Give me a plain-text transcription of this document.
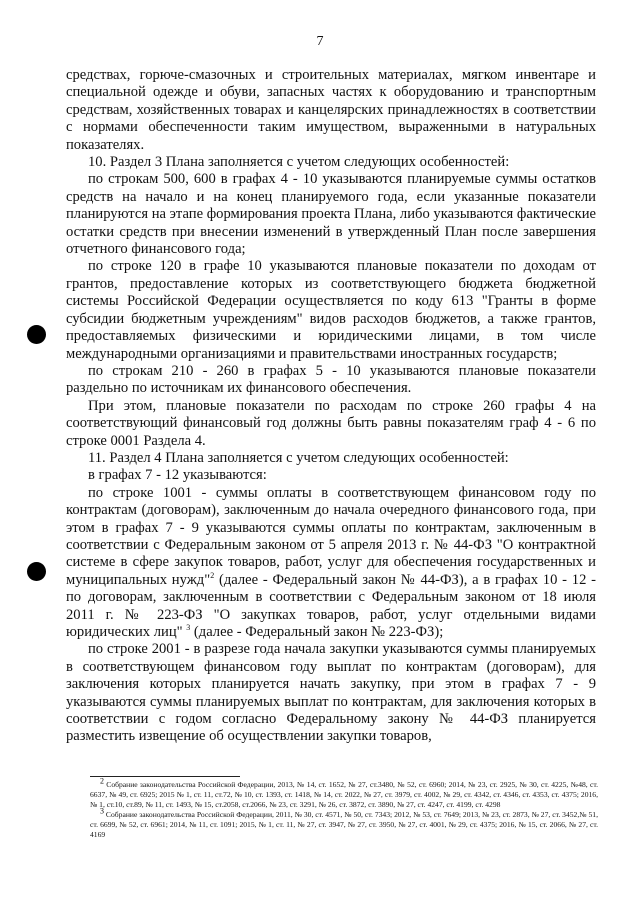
7

средствах, горюче-смазочных и строительных материалах, мягком инвентаре и специальной одежде и обуви, запасных частях к оборудованию и транспортным средствам, хозяйственных товарах и канцелярских принадлежностях в соответствии с нормами обеспеченности таким имуществом, выраженными в натуральных показателях.

10. Раздел 3 Плана заполняется с учетом следующих особенностей:

по строкам 500, 600 в графах 4 - 10 указываются планируемые суммы остатков средств на начало и на конец планируемого года, если указанные показатели планируются на этапе формирования проекта Плана, либо указываются фактические остатки средств при внесении изменений в утвержденный План после завершения отчетного финансового года;

по строке 120 в графе 10 указываются плановые показатели по доходам от грантов, предоставление которых из соответствующего бюджета бюджетной системы Российской Федерации осуществляется по коду 613 "Гранты в форме субсидии бюджетным учреждениям" видов расходов бюджетов, а также грантов, предоставляемых физическими и юридическими лицами, в том числе международными организациями и правительствами иностранных государств;

по строкам 210 - 260 в графах 5 - 10 указываются плановые показатели раздельно по источникам их финансового обеспечения.

При этом, плановые показатели по расходам по строке 260 графы 4 на соответствующий финансовый год должны быть равны показателям граф 4 - 6 по строке 0001 Раздела 4.

11. Раздел 4 Плана заполняется с учетом следующих особенностей:

в графах 7 - 12 указываются:

по строке 1001 - суммы оплаты в соответствующем финансовом году по контрактам (договорам), заключенным до начала очередного финансового года, при этом в графах 7 - 9 указываются суммы оплаты по контрактам, заключенным в соответствии с Федеральным законом от 5 апреля 2013 г. № 44-ФЗ "О контрактной системе в сфере закупок товаров, работ, услуг для обеспечения государственных и муниципальных нужд"$^2$ (далее - Федеральный закон № 44-ФЗ), а в графах 10 - 12 - по договорам, заключенным в соответствии с Федеральным законом от 18 июля 2011 г. № 223-ФЗ "О закупках товаров, работ, услуг отдельными видами юридических лиц" $^3$ (далее - Федеральный закон № 223-ФЗ);

по строке 2001 - в разрезе года начала закупки указываются суммы планируемых в соответствующем финансовом году выплат по контрактам (договорам), для заключения которых планируется начать закупку, при этом в графах 7 - 9 указываются суммы планируемых выплат по контрактам, для заключения которых в соответствии с годом согласно Федеральному закону № 44-ФЗ планируется разместить извещение об осуществлении закупки товаров,

$^2$ Собрание законодательства Российской Федерации, 2013, № 14, ст. 1652, № 27, ст.3480, № 52, ст. 6960; 2014, № 23, ст. 2925, № 30, ст. 4225, №48, ст. 6637, № 49, ст. 6925; 2015 № 1, ст. 11, ст.72, № 10, ст. 1393, ст. 1418, № 14, ст. 2022, № 27, ст. 3979, ст. 4002, № 29, ст. 4342, ст. 4346, ст. 4353, ст. 4375; 2016, № 1, ст.10, ст.89, № 11, ст. 1493, № 15, ст.2058, ст.2066, № 23, ст. 3291, № 26, ст. 3872, ст. 3890, № 27, ст. 4247, ст. 4199, ст. 4298

$^3$ Собрание законодательства Российской Федерации, 2011, № 30, ст. 4571, № 50, ст. 7343; 2012, № 53, ст. 7649; 2013, № 23, ст. 2873, № 27, ст. 3452,№ 51, ст. 6699, № 52, ст. 6961; 2014, № 11, ст. 1091; 2015, № 1, ст. 11, № 27, ст. 3947, № 27, ст. 3950, № 27, ст. 4001, № 29, ст. 4375; 2016, № 15, ст. 2066, № 27, ст. 4169
